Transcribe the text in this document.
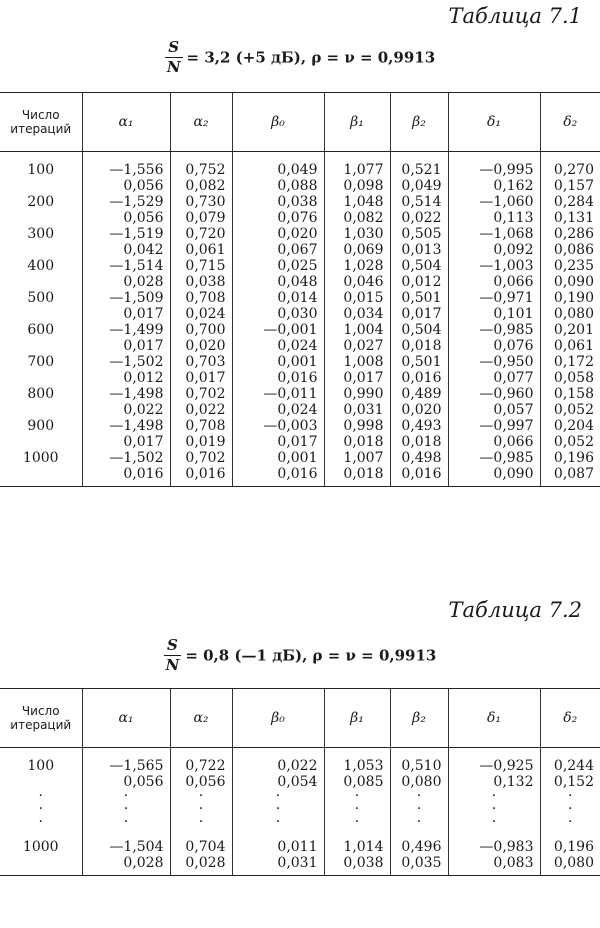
Таблица 7.1
$\frac{S}{N} = 3,2$ (+5 дБ), ρ = ν = 0,9913
Число итераций	α₁	α₂	β₀	β₁	β₂	δ₁	δ₂

100	—1,556	0,752	0,049	1,077	0,521	—0,995	0,270
	0,056	0,082	0,088	0,098	0,049	0,162	0,157
200	—1,529	0,730	0,038	1,048	0,514	—1,060	0,284
	0,056	0,079	0,076	0,082	0,022	0,113	0,131
300	—1,519	0,720	0,020	1,030	0,505	—1,068	0,286
	0,042	0,061	0,067	0,069	0,013	0,092	0,086
400	—1,514	0,715	0,025	1,028	0,504	—1,003	0,235
	0,028	0,038	0,048	0,046	0,012	0,066	0,090
500	—1,509	0,708	0,014	0,015	0,501	—0,971	0,190
	0,017	0,024	0,030	0,034	0,017	0,101	0,080
600	—1,499	0,700	—0,001	1,004	0,504	—0,985	0,201
	0,017	0,020	0,024	0,027	0,018	0,076	0,061
700	—1,502	0,703	0,001	1,008	0,501	—0,950	0,172
	0,012	0,017	0,016	0,017	0,016	0,077	0,058
800	—1,498	0,702	—0,011	0,990	0,489	—0,960	0,158
	0,022	0,022	0,024	0,031	0,020	0,057	0,052
900	—1,498	0,708	—0,003	0,998	0,493	—0,997	0,204
	0,017	0,019	0,017	0,018	0,018	0,066	0,052
1000	—1,502	0,702	0,001	1,007	0,498	—0,985	0,196
	0,016	0,016	0,016	0,018	0,016	0,090	0,087
Таблица 7.2
$\frac{S}{N} = 0,8$ (—1 дБ), ρ = ν = 0,9913
Число итераций	α₁	α₂	β₀	β₁	β₂	δ₁	δ₂

100	—1,565	0,722	0,022	1,053	0,510	—0,925	0,244
	0,056	0,056	0,054	0,085	0,080	0,132	0,152
·	·	·	·	·	·	·	·
·	·	·	·	·	·	·	·
·	·	·	·	·	·	·	·

1000	—1,504	0,704	0,011	1,014	0,496	—0,983	0,196
	0,028	0,028	0,031	0,038	0,035	0,083	0,080
